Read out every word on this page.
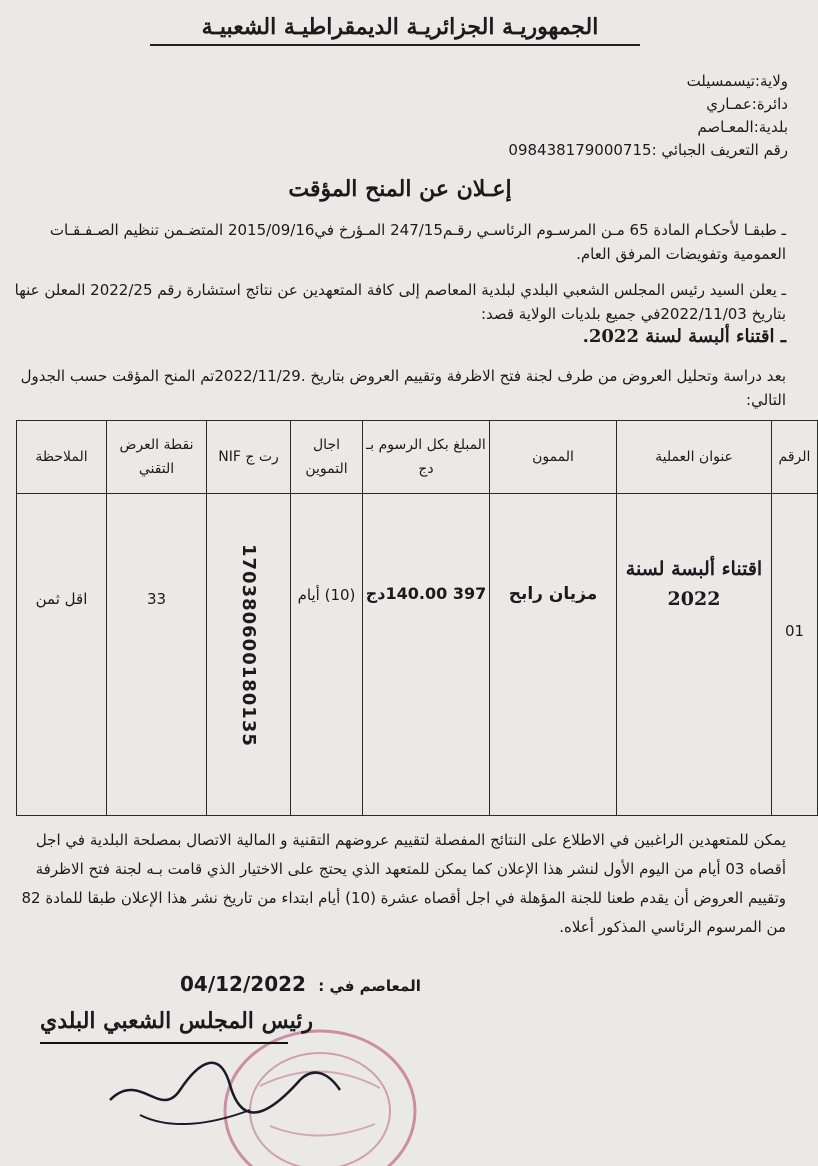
الجمهوريـة الجزائريـة الديمقراطيـة الشعبيـة
ولاية:تيسمسيلت
دائرة:عمـاري
بلدية:المعـاصم
رقم التعريف الجبائي :098438179000715
إعـلان عن المنح المؤقت
ـ طبقـا لأحكـام المادة 65 مـن المرسـوم الرئاسـي رقـم247/15 المـؤرخ في2015/09/16 المتضـمن تنظيم الصـفـقـات العمومية وتفويضات المرفق العام.
ـ يعلن السيد رئيس المجلس الشعبي البلدي لبلدية المعاصم إلى كافة المتعهدين عن نتائج استشارة رقم 2022/25 المعلن عنها بتاريخ 2022/11/03في جميع بلديات الولاية قصد:
ـ اقتناء ألبسة لسنة 2022.
بعد دراسة وتحليل العروض من طرف لجنة فتح الاظرفة وتقييم العروض بتاريخ .2022/11/29تم المنح المؤقت حسب الجدول التالي:
الرقم	عنوان العملية	الممون	المبلغ بكل الرسوم بـ دج	اجال التموين	رت ج NIF	نقطة العرض التقني	الملاحظة
01	اقتناء ألبسة لسنة 2022	مزيان رابح	397 140.00دج	(10) أيام	170380600180135	33	اقل ثمن
يمكن للمتعهدين الراغبين في الاطلاع على النتائج المفصلة لتقييم عروضهم التقنية و المالية الاتصال بمصلحة البلدية في اجل أقصاه 03 أيام من اليوم الأول لنشر هذا الإعلان كما يمكن للمتعهد الذي يحتج على الاختيار الذي قامت بـه لجنة فتح الاظرفة وتقييم العروض أن يقدم طعنا للجنة المؤهلة في اجل أقصاه عشرة (10) أيام ابتداء من تاريخ نشر هذا الإعلان طبقا للمادة 82 من المرسوم الرئاسي المذكور أعلاه.
المعاصم في : 04/12/2022
رئيس المجلس الشعبي البلدي
